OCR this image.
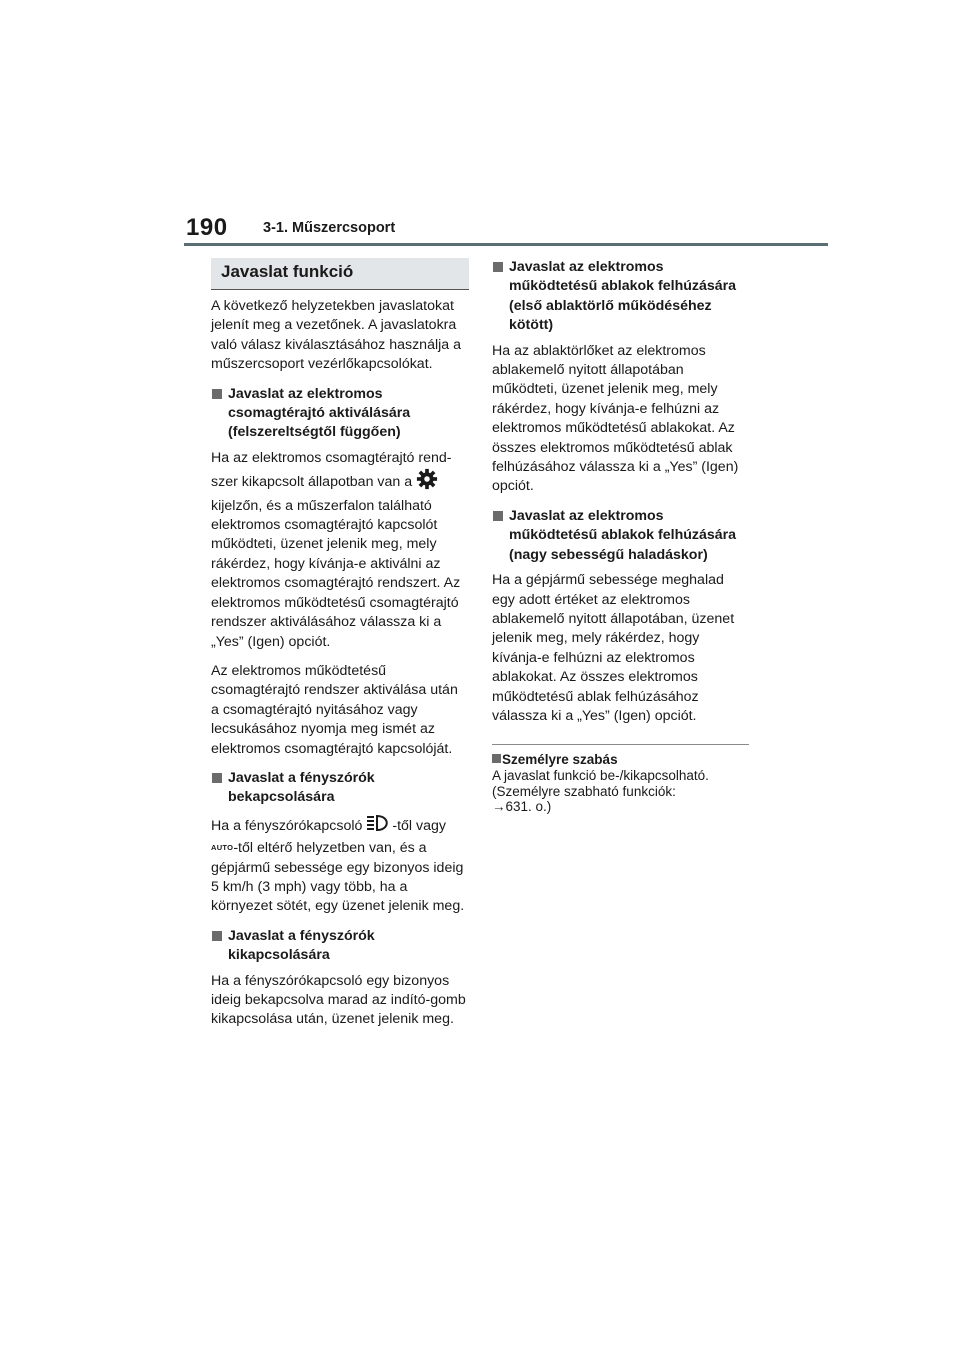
190 3-1. Műszercsoport
Javaslat funkció

A következő helyzetekben javaslatokat jelenít meg a vezetőnek. A javaslatokra való válasz kiválasztásához használja a műszercsoport vezérlőkapcsolókat.

Javaslat az elektromos csomagtérajtó aktiválására (felszereltségtől függően)

Ha az elektromos csomagtérajtó rend-szer kikapcsolt állapotban van a  kijelzőn, és a műszerfalon található elektromos csomagtérajtó kapcsolót működteti, üzenet jelenik meg, mely rákérdez, hogy kívánja-e aktiválni az elektromos csomagtérajtó rendszert. Az elektromos működtetésű csomagtérajtó rendszer aktiválásához válassza ki a „Yes” (Igen) opciót.

Az elektromos működtetésű csomagtérajtó rendszer aktiválása után a csomagtérajtó nyitásához vagy lecsukásához nyomja meg ismét az elektromos csomagtérajtó kapcsolóját.

Javaslat a fényszórók bekapcsolására

Ha a fényszórókapcsoló -től vagy
AUTO-től eltérő helyzetben van, és a gépjármű sebessége egy bizonyos ideig 5 km/h (3 mph) vagy több, ha a környezet sötét, egy üzenet jelenik meg.

Javaslat a fényszórók kikapcsolására

Ha a fényszórókapcsoló egy bizonyos ideig bekapcsolva marad az indító-gomb kikapcsolása után, üzenet jelenik meg.

Javaslat az elektromos működtetésű ablakok felhúzására (első ablaktörlő működéséhez kötött)

Ha az ablaktörlőket az elektromos ablakemelő nyitott állapotában működteti, üzenet jelenik meg, mely rákérdez, hogy kívánja-e felhúzni az elektromos működtetésű ablakokat. Az összes elektromos működtetésű ablak felhúzásához válassza ki a „Yes” (Igen) opciót.

Javaslat az elektromos működtetésű ablakok felhúzására (nagy sebességű haladáskor)

Ha a gépjármű sebessége meghalad egy adott értéket az elektromos ablakemelő nyitott állapotában, üzenet jelenik meg, mely rákérdez, hogy kívánja-e felhúzni az elektromos ablakokat. Az összes elektromos működtetésű ablak felhúzásához válassza ki a „Yes” (Igen) opciót.

Személyre szabás
A javaslat funkció be-/kikapcsolható.
(Személyre szabható funkciók:
→631. o.)
